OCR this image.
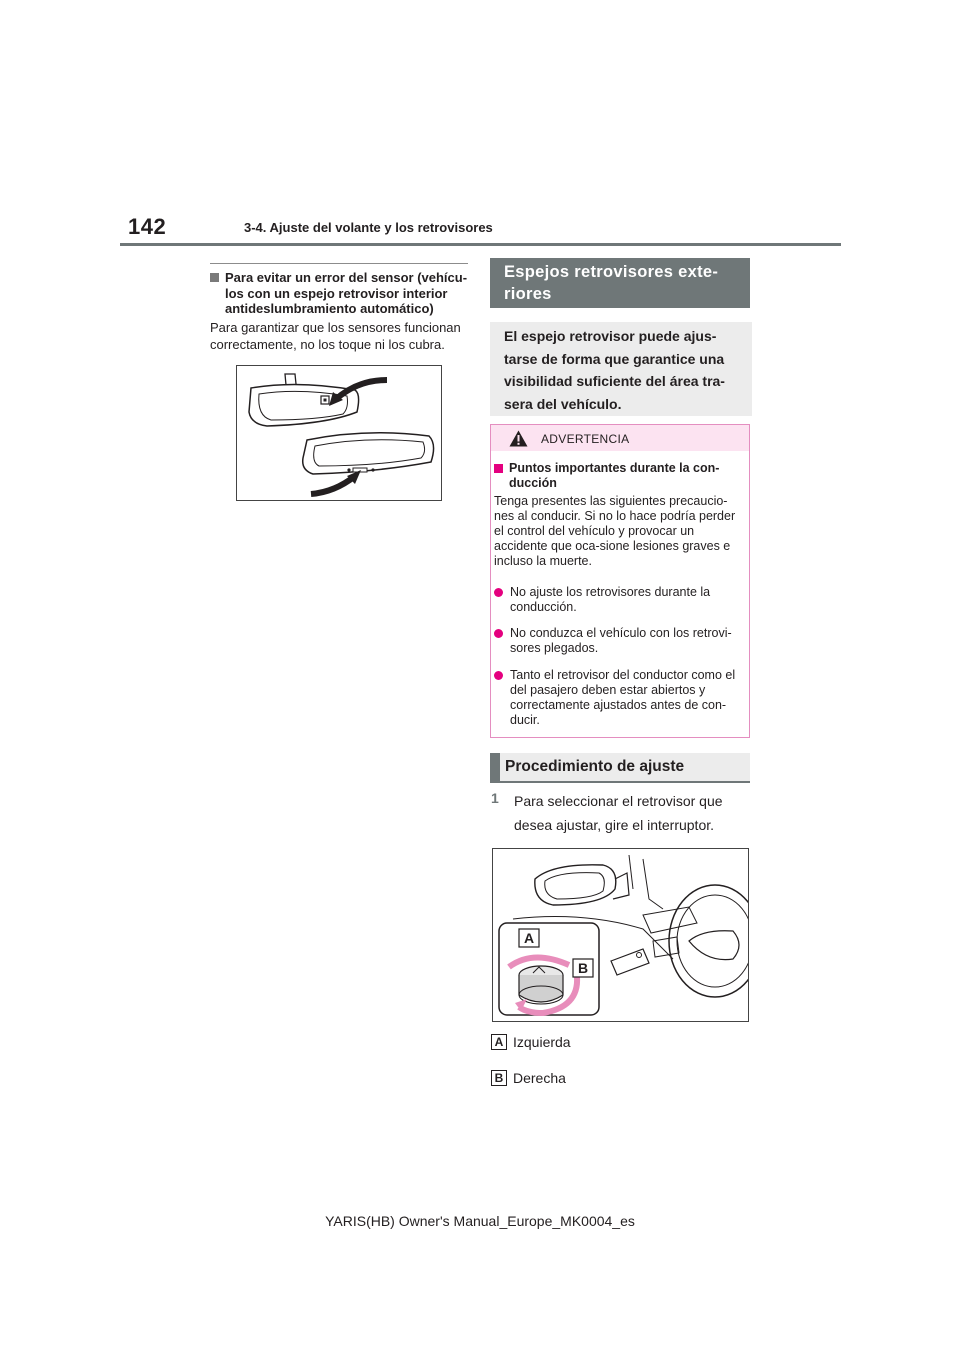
142	3-4. Ajuste del volante y los retrovisores
Para evitar un error del sensor (vehícu-los con un espejo retrovisor interior antideslumbramiento automático)
Para garantizar que los sensores funcionan correctamente, no los toque ni los cubra.
Espejos retrovisores exte-riores
El espejo retrovisor puede ajus-tarse de forma que garantice una visibilidad suficiente del área tra-sera del vehículo.
ADVERTENCIA
Puntos importantes durante la con-ducción
Tenga presentes las siguientes precaucio-nes al conducir. Si no lo hace podría perder el control del vehículo y provocar un accidente que oca-sione lesiones graves e incluso la muerte.
No ajuste los retrovisores durante la conducción.
No conduzca el vehículo con los retrovi-sores plegados.
Tanto el retrovisor del conductor como el del pasajero deben estar abiertos y correctamente ajustados antes de con-ducir.
Procedimiento de ajuste
1 Para seleccionar el retrovisor que desea ajustar, gire el interruptor.
A
B
A Izquierda
B Derecha
YARIS(HB) Owner's Manual_Europe_MK0004_es
